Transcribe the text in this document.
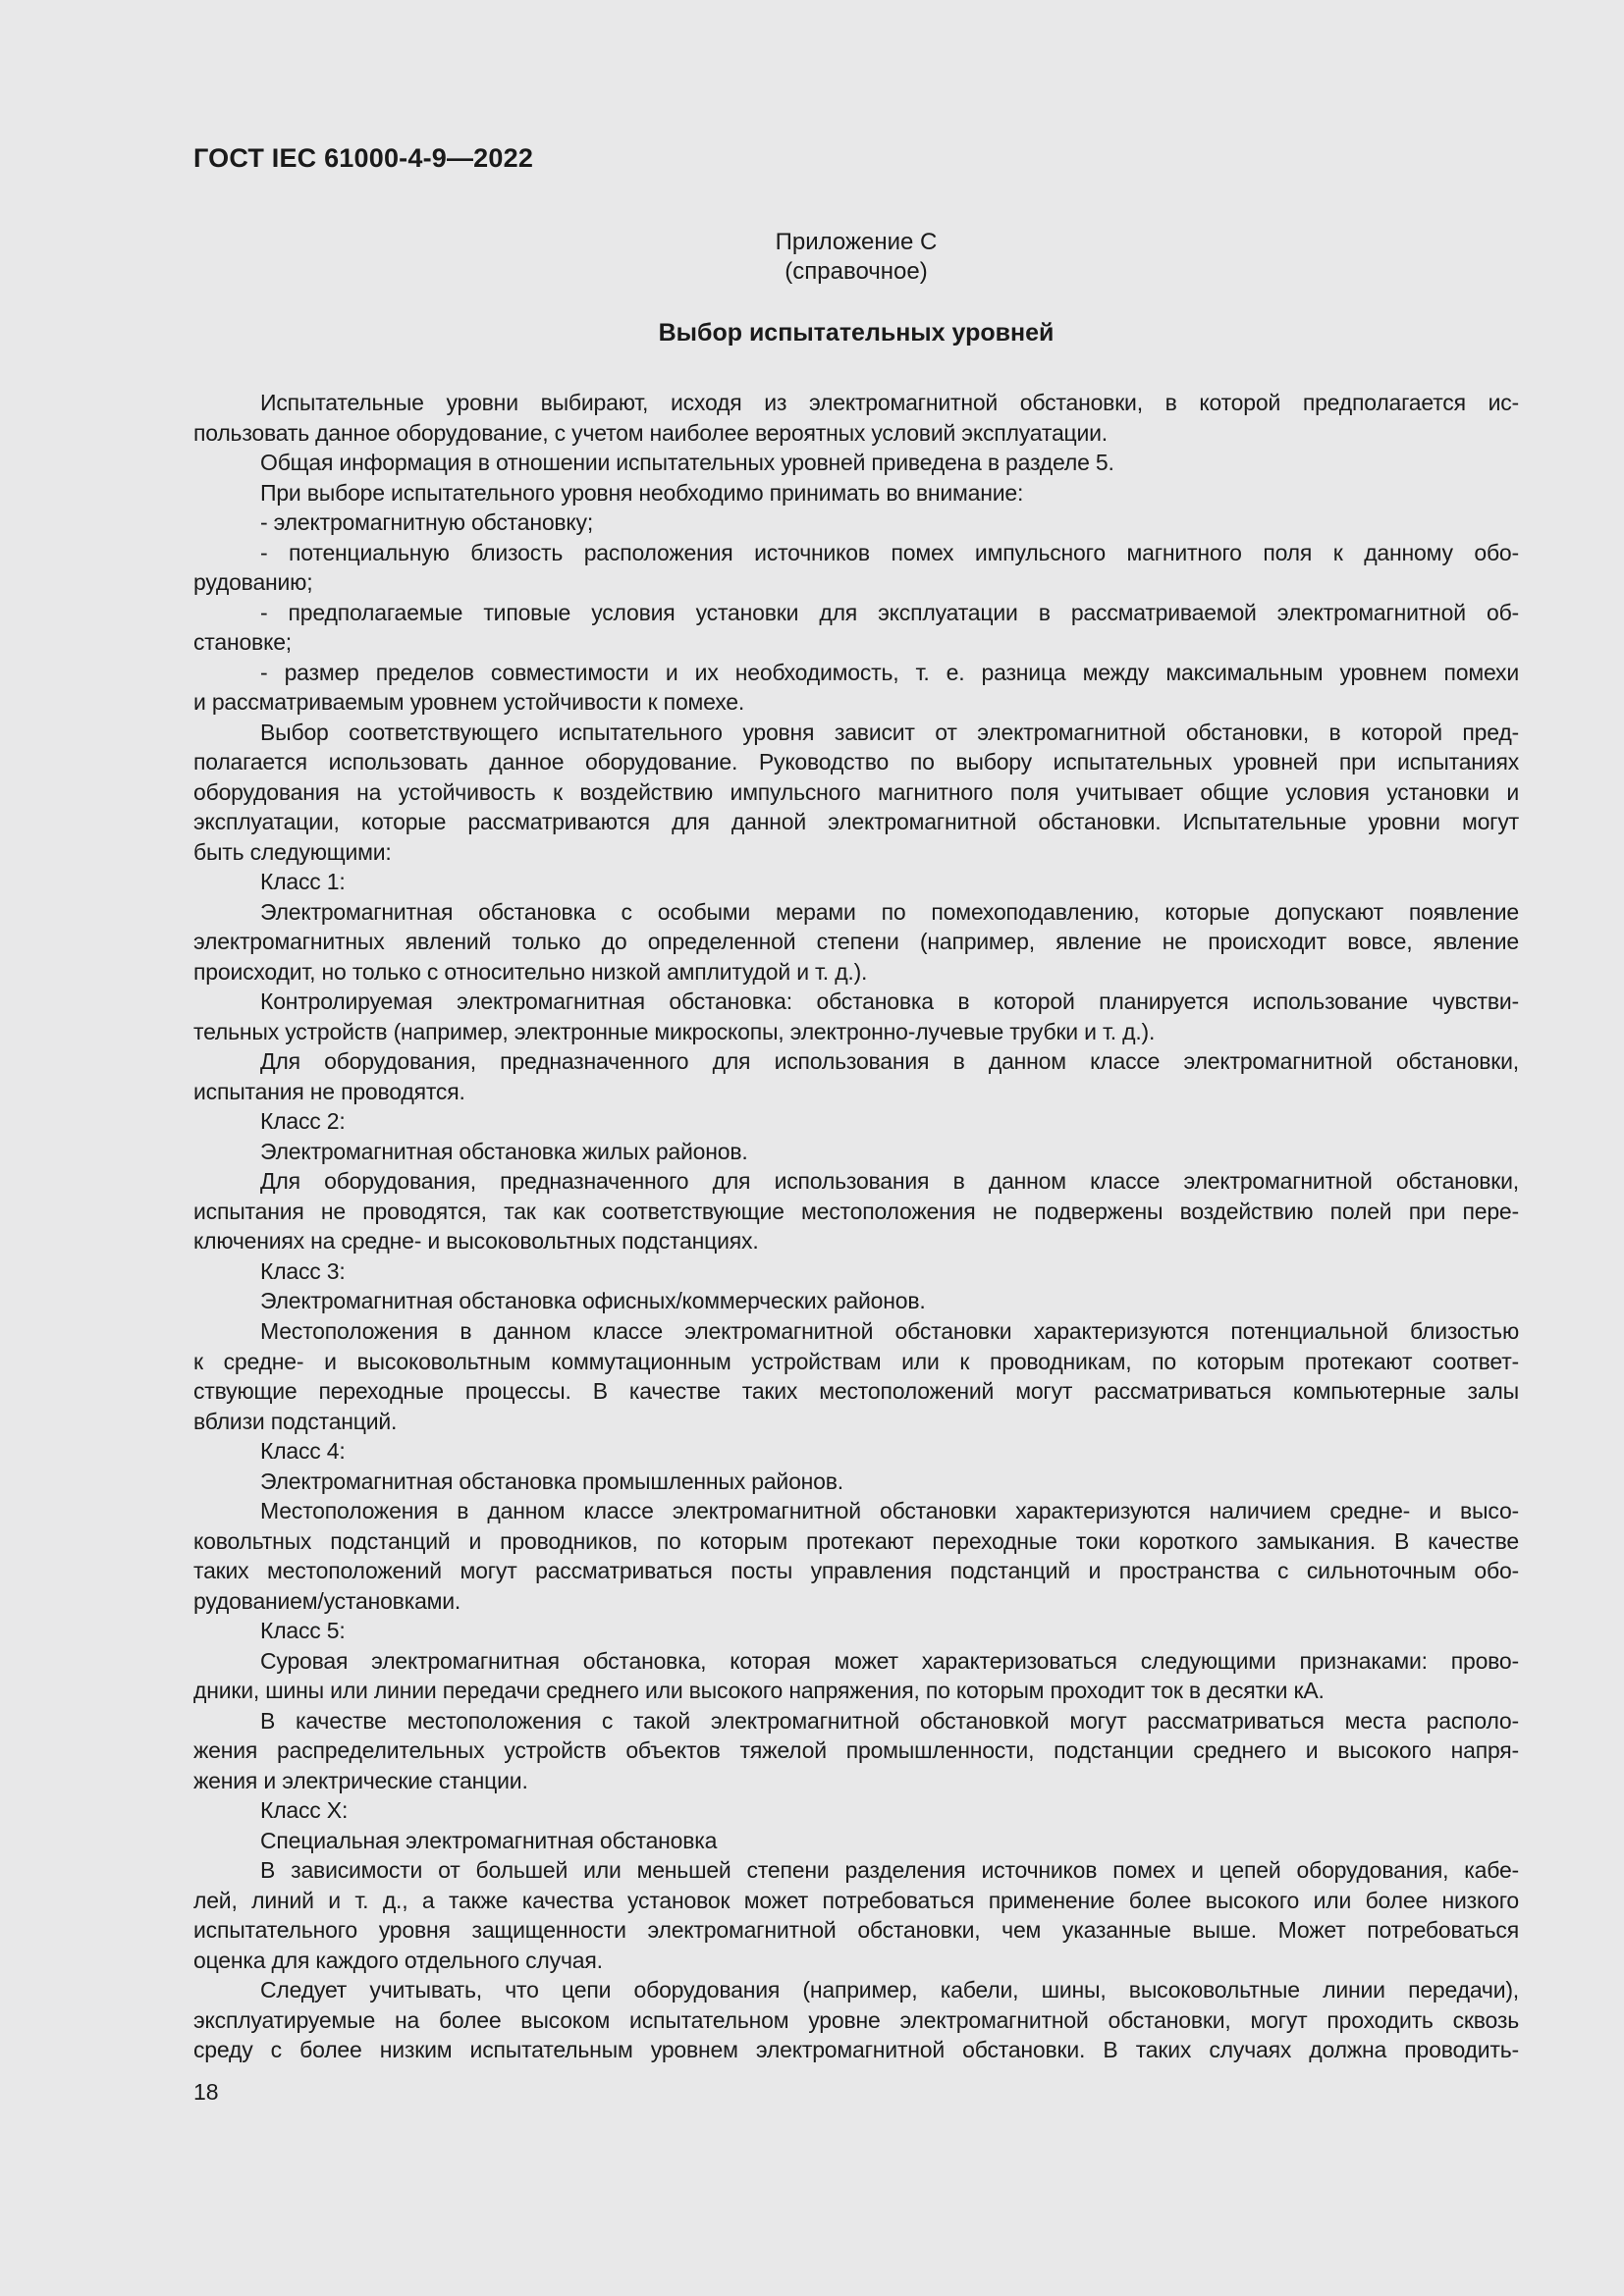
ГОСТ IEC 61000-4-9—2022
Приложение С
(справочное)
Выбор испытательных уровней
Испытательные уровни выбирают, исходя из электромагнитной обстановки, в которой предполагается ис-
пользовать данное оборудование, с учетом наиболее вероятных условий эксплуатации.
Общая информация в отношении испытательных уровней приведена в разделе 5.
При выборе испытательного уровня необходимо принимать во внимание:
- электромагнитную обстановку;
- потенциальную близость расположения источников помех импульсного магнитного поля к данному обо-
рудованию;
- предполагаемые типовые условия установки для эксплуатации в рассматриваемой электромагнитной об-
становке;
- размер пределов совместимости и их необходимость, т. е. разница между максимальным уровнем помехи
и рассматриваемым уровнем устойчивости к помехе.
Выбор соответствующего испытательного уровня зависит от электромагнитной обстановки, в которой пред-
полагается использовать данное оборудование. Руководство по выбору испытательных уровней при испытаниях
оборудования на устойчивость к воздействию импульсного магнитного поля учитывает общие условия установки и
эксплуатации, которые рассматриваются для данной электромагнитной обстановки. Испытательные уровни могут
быть следующими:
Класс 1:
Электромагнитная обстановка с особыми мерами по помехоподавлению, которые допускают появление
электромагнитных явлений только до определенной степени (например, явление не происходит вовсе, явление
происходит, но только с относительно низкой амплитудой и т. д.).
Контролируемая электромагнитная обстановка: обстановка в которой планируется использование чувстви-
тельных устройств (например, электронные микроскопы, электронно-лучевые трубки и т. д.).
Для оборудования, предназначенного для использования в данном классе электромагнитной обстановки,
испытания не проводятся.
Класс 2:
Электромагнитная обстановка жилых районов.
Для оборудования, предназначенного для использования в данном классе электромагнитной обстановки,
испытания не проводятся, так как соответствующие местоположения не подвержены воздействию полей при пере-
ключениях на средне- и высоковольтных подстанциях.
Класс 3:
Электромагнитная обстановка офисных/коммерческих районов.
Местоположения в данном классе электромагнитной обстановки характеризуются потенциальной близостью
к средне- и высоковольтным коммутационным устройствам или к проводникам, по которым протекают соответ-
ствующие переходные процессы. В качестве таких местоположений могут рассматриваться компьютерные залы
вблизи подстанций.
Класс 4:
Электромагнитная обстановка промышленных районов.
Местоположения в данном классе электромагнитной обстановки характеризуются наличием средне- и высо-
ковольтных подстанций и проводников, по которым протекают переходные токи короткого замыкания. В качестве
таких местоположений могут рассматриваться посты управления подстанций и пространства с сильноточным обо-
рудованием/установками.
Класс 5:
Суровая электромагнитная обстановка, которая может характеризоваться следующими признаками: прово-
дники, шины или линии передачи среднего или высокого напряжения, по которым проходит ток в десятки кА.
В качестве местоположения с такой электромагнитной обстановкой могут рассматриваться места располо-
жения распределительных устройств объектов тяжелой промышленности, подстанции среднего и высокого напря-
жения и электрические станции.
Класс X:
Специальная электромагнитная обстановка
В зависимости от большей или меньшей степени разделения источников помех и цепей оборудования, кабе-
лей, линий и т. д., а также качества установок может потребоваться применение более высокого или более низкого
испытательного уровня защищенности электромагнитной обстановки, чем указанные выше. Может потребоваться
оценка для каждого отдельного случая.
Следует учитывать, что цепи оборудования (например, кабели, шины, высоковольтные линии передачи),
эксплуатируемые на более высоком испытательном уровне электромагнитной обстановки, могут проходить сквозь
среду с более низким испытательным уровнем электромагнитной обстановки. В таких случаях должна проводить-
18
